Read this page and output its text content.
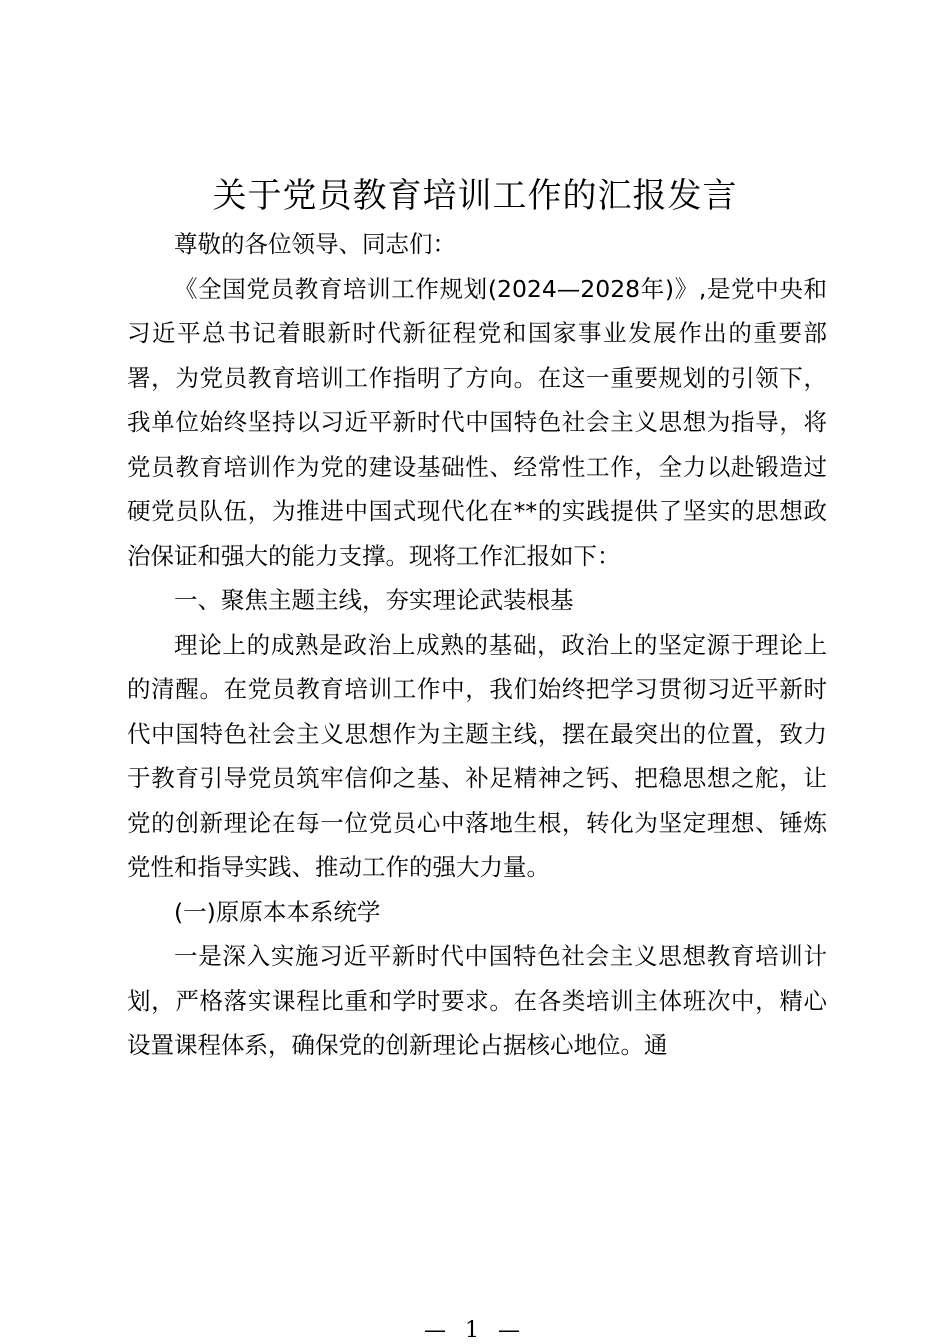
关于党员教育培训工作的汇报发言

尊敬的各位领导、同志们：

《全国党员教育培训工作规划(2024—2028年)》,是党中央和习近平总书记着眼新时代新征程党和国家事业发展作出的重要部署，为党员教育培训工作指明了方向。在这一重要规划的引领下，我单位始终坚持以习近平新时代中国特色社会主义思想为指导，将党员教育培训作为党的建设基础性、经常性工作，全力以赴锻造过硬党员队伍，为推进中国式现代化在**的实践提供了坚实的思想政治保证和强大的能力支撑。现将工作汇报如下：

一、聚焦主题主线，夯实理论武装根基

理论上的成熟是政治上成熟的基础，政治上的坚定源于理论上的清醒。在党员教育培训工作中，我们始终把学习贯彻习近平新时代中国特色社会主义思想作为主题主线，摆在最突出的位置，致力于教育引导党员筑牢信仰之基、补足精神之钙、把稳思想之舵，让党的创新理论在每一位党员心中落地生根，转化为坚定理想、锤炼党性和指导实践、推动工作的强大力量。

(一)原原本本系统学

一是深入实施习近平新时代中国特色社会主义思想教育培训计划，严格落实课程比重和学时要求。在各类培训主体班次中，精心设置课程体系，确保党的创新理论占据核心地位。通

— 1 —
